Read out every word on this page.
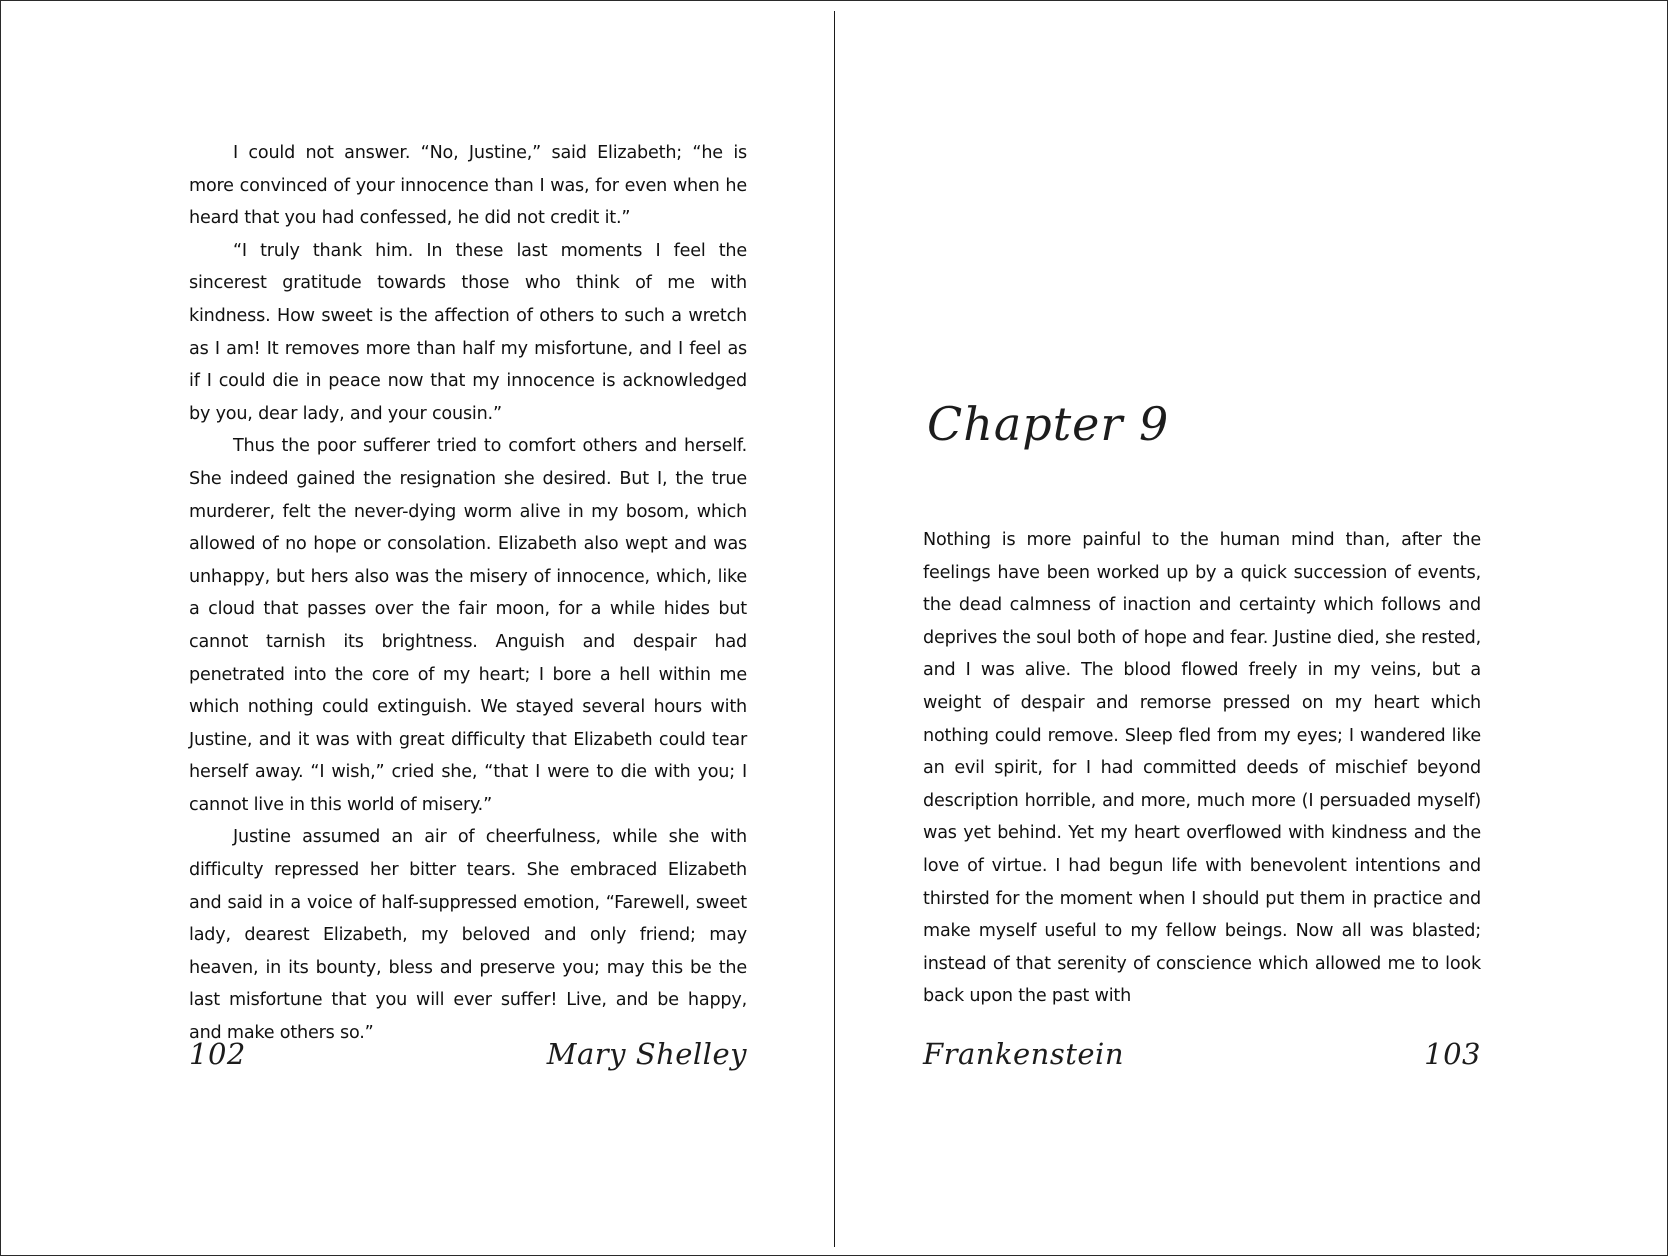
I could not answer. “No, Justine,” said Elizabeth; “he is more convinced of your innocence than I was, for even when he heard that you had confessed, he did not credit it.”

“I truly thank him. In these last moments I feel the sincerest gratitude towards those who think of me with kindness. How sweet is the affection of others to such a wretch as I am! It removes more than half my misfortune, and I feel as if I could die in peace now that my innocence is acknowledged by you, dear lady, and your cousin.”

Thus the poor sufferer tried to comfort others and herself. She indeed gained the resignation she desired. But I, the true murderer, felt the never-dying worm alive in my bosom, which allowed of no hope or consolation. Elizabeth also wept and was unhappy, but hers also was the misery of innocence, which, like a cloud that passes over the fair moon, for a while hides but cannot tarnish its brightness. Anguish and despair had penetrated into the core of my heart; I bore a hell within me which nothing could extinguish. We stayed several hours with Justine, and it was with great difficulty that Elizabeth could tear herself away. “I wish,” cried she, “that I were to die with you; I cannot live in this world of misery.”

Justine assumed an air of cheerfulness, while she with difficulty repressed her bitter tears. She embraced Elizabeth and said in a voice of half-suppressed emotion, “Farewell, sweet lady, dearest Elizabeth, my beloved and only friend; may heaven, in its bounty, bless and preserve you; may this be the last misfortune that you will ever suffer! Live, and be happy, and make others so.”

102	Mary Shelley
Chapter 9

Nothing is more painful to the human mind than, after the feelings have been worked up by a quick succession of events, the dead calmness of inaction and certainty which follows and deprives the soul both of hope and fear. Justine died, she rested, and I was alive. The blood flowed freely in my veins, but a weight of despair and remorse pressed on my heart which nothing could remove. Sleep fled from my eyes; I wandered like an evil spirit, for I had committed deeds of mischief beyond description horrible, and more, much more (I persuaded myself) was yet behind. Yet my heart overflowed with kindness and the love of virtue. I had begun life with benevolent intentions and thirsted for the moment when I should put them in practice and make myself useful to my fellow beings. Now all was blasted; instead of that serenity of conscience which allowed me to look back upon the past with

Frankenstein	103
